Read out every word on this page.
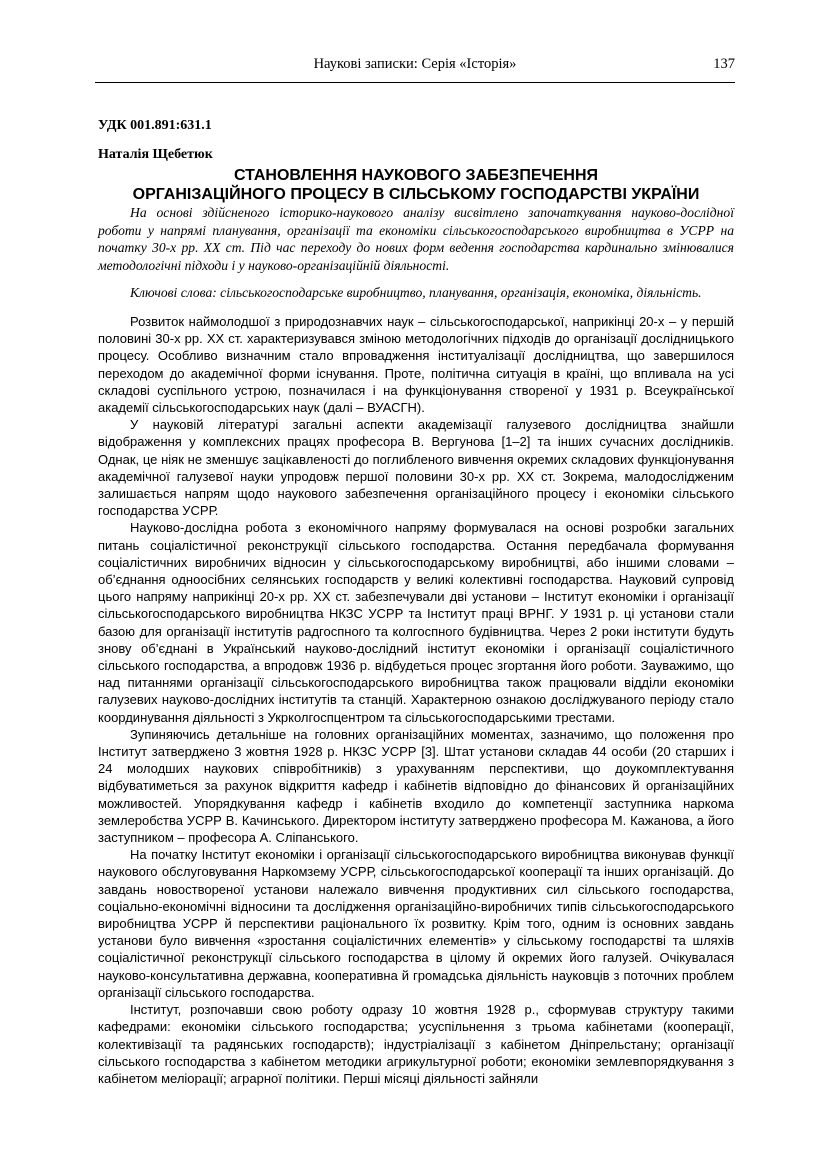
Наукові записки: Серія «Історія»	137

УДК 001.891:631.1

Наталія Щебетюк

СТАНОВЛЕННЯ НАУКОВОГО ЗАБЕЗПЕЧЕННЯ
ОРГАНІЗАЦІЙНОГО ПРОЦЕСУ В СІЛЬСЬКОМУ ГОСПОДАРСТВІ УКРАЇНИ

На основі здійсненого історико-наукового аналізу висвітлено започаткування науково-дослідної роботи у напрямі планування, організації та економіки сільськогосподарського виробництва в УСРР на початку 30-х рр. XX ст. Під час переходу до нових форм ведення господарства кардинально змінювалися методологічні підходи і у науково-організаційній діяльності.

Ключові слова: сільськогосподарське виробництво, планування, організація, економіка, діяльність.

Розвиток наймолодшої з природознавчих наук – сільськогосподарської, наприкінці 20-х – у першій половині 30-х рр. XX ст. характеризувався зміною методологічних підходів до організації дослідницького процесу. Особливо визначним стало впровадження інституалізації дослідництва, що завершилося переходом до академічної форми існування. Проте, політична ситуація в країні, що впливала на усі складові суспільного устрою, позначилася і на функціонування створеної у 1931 р. Всеукраїнської академії сільськогосподарських наук (далі – ВУАСГН).

У науковій літературі загальні аспекти академізації галузевого дослідництва знайшли відображення у комплексних працях професора В. Вергунова [1–2] та інших сучасних дослідників. Однак, це ніяк не зменшує зацікавленості до поглибленого вивчення окремих складових функціонування академічної галузевої науки упродовж першої половини 30-х рр. XX ст. Зокрема, малодослідженим залишається напрям щодо наукового забезпечення організаційного процесу і економіки сільського господарства УСРР.

Науково-дослідна робота з економічного напряму формувалася на основі розробки загальних питань соціалістичної реконструкції сільського господарства. Остання передбачала формування соціалістичних виробничих відносин у сільськогосподарському виробництві, або іншими словами – об’єднання одноосібних селянських господарств у великі колективні господарства. Науковий супровід цього напряму наприкінці 20-х рр. XX ст. забезпечували дві установи – Інститут економіки і організації сільськогосподарського виробництва НКЗС УСРР та Інститут праці ВРНГ. У 1931 р. ці установи стали базою для організації інститутів радгоспного та колгоспного будівництва. Через 2 роки інститути будуть знову об’єднані в Український науково-дослідний інститут економіки і організації соціалістичного сільського господарства, а впродовж 1936 р. відбудеться процес згортання його роботи. Зауважимо, що над питаннями організації сільськогосподарського виробництва також працювали відділи економіки галузевих науково-дослідних інститутів та станцій. Характерною ознакою досліджуваного періоду стало координування діяльності з Укрколгоспцентром та сільськогосподарськими трестами.

Зупиняючись детальніше на головних організаційних моментах, зазначимо, що положення про Інститут затверджено 3 жовтня 1928 р. НКЗС УСРР [3]. Штат установи складав 44 особи (20 старших і 24 молодших наукових співробітників) з урахуванням перспективи, що доукомплектування відбуватиметься за рахунок відкриття кафедр і кабінетів відповідно до фінансових й організаційних можливостей. Упорядкування кафедр і кабінетів входило до компетенції заступника наркома землеробства УСРР В. Качинського. Директором інституту затверджено професора М. Кажанова, а його заступником – професора А. Сліпанського.

На початку Інститут економіки і організації сільськогосподарського виробництва виконував функції наукового обслуговування Наркомзему УСРР, сільськогосподарської кооперації та інших організацій. До завдань новоствореної установи належало вивчення продуктивних сил сільського господарства, соціально-економічні відносини та дослідження організаційно-виробничих типів сільськогосподарського виробництва УСРР й перспективи раціонального їх розвитку. Крім того, одним із основних завдань установи було вивчення «зростання соціалістичних елементів» у сільському господарстві та шляхів соціалістичної реконструкції сільського господарства в цілому й окремих його галузей. Очікувалася науково-консультативна державна, кооперативна й громадська діяльність науковців з поточних проблем організації сільського господарства.

Інститут, розпочавши свою роботу одразу 10 жовтня 1928 р., сформував структуру такими кафедрами: економіки сільського господарства; усуспільнення з трьома кабінетами (кооперації, колективізації та радянських господарств); індустріалізації з кабінетом Дніпрельстану; організації сільського господарства з кабінетом методики агрикультурної роботи; економіки землевпорядкування з кабінетом меліорації; аграрної політики. Перші місяці діяльності зайняли
